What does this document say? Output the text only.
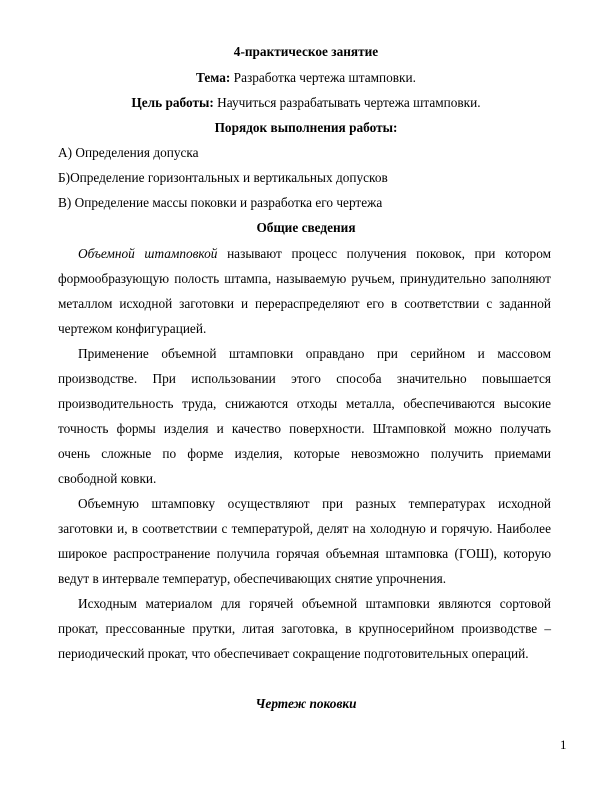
4-практическое занятие
Тема: Разработка чертежа штамповки.
Цель работы: Научиться разрабатывать чертежа штамповки.
Порядок выполнения работы:
А) Определения допуска
Б)Определение горизонтальных и вертикальных допусков
В) Определение массы поковки и разработка его чертежа
Общие сведения
Объемной штамповкой называют процесс получения поковок, при котором
формообразующую полость штампа, называемую ручьем, принудительно заполняют
металлом исходной заготовки и перераспределяют его в соответствии с заданной
чертежом конфигурацией.
Применение объемной штамповки оправдано при серийном и массовом
производстве. При использовании этого способа значительно повышается
производительность труда, снижаются отходы металла, обеспечиваются высокие
точность формы изделия и качество поверхности. Штамповкой можно получать
очень сложные по форме изделия, которые невозможно получить приемами
свободной ковки.
Объемную штамповку осуществляют при разных температурах исходной
заготовки и, в соответствии с температурой, делят на холодную и горячую. Наиболее
широкое распространение получила горячая объемная штамповка (ГОШ), которую
ведут в интервале температур, обеспечивающих снятие упрочнения.
Исходным материалом для горячей объемной штамповки являются сортовой
прокат, прессованные прутки, литая заготовка, в крупносерийном производстве –
периодический прокат, что обеспечивает сокращение подготовительных операций.
Чертеж поковки
1
